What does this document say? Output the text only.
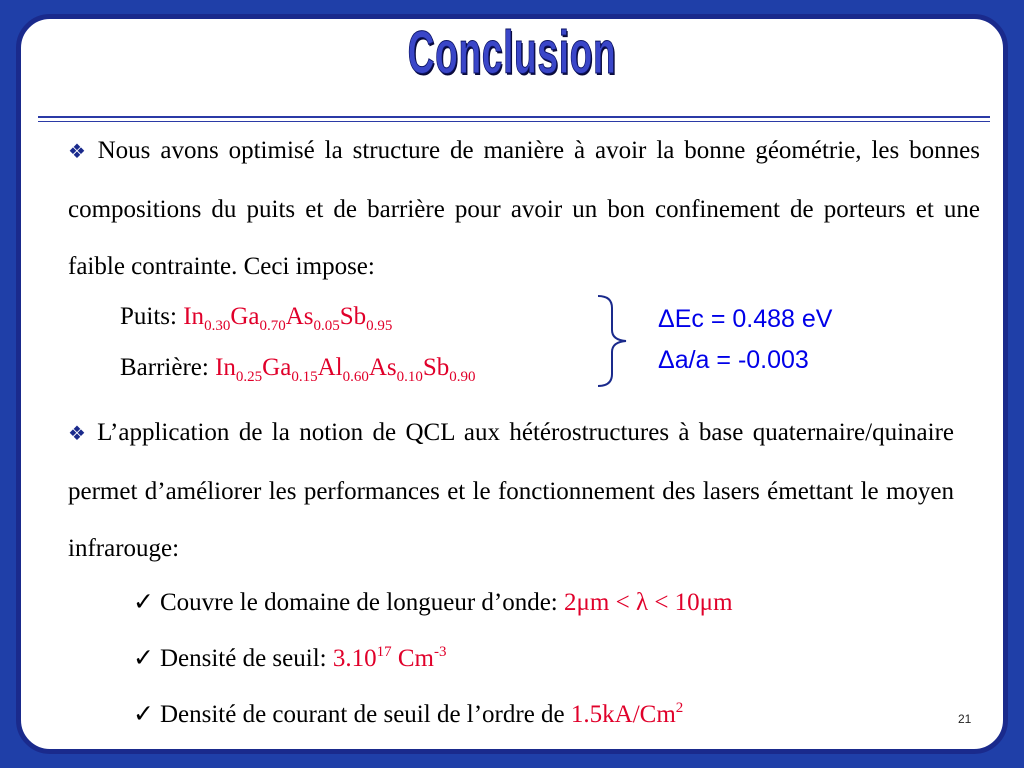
Conclusion
❖ Nous avons optimisé la structure de manière à avoir la bonne géométrie, les bonnes compositions du puits et de barrière pour avoir un bon confinement de porteurs et une faible contrainte. Ceci impose:
Puits: $In_{0.30}Ga_{0.70}As_{0.05}Sb_{0.95}$
Barrière: $In_{0.25}Ga_{0.15}Al_{0.60}As_{0.10}Sb_{0.90}$
ΔEc = 0.488 eV
Δa/a = -0.003
❖ L’application de la notion de QCL aux hétérostructures à base quaternaire/quinaire permet d’améliorer les performances et le fonctionnement des lasers émettant le moyen infrarouge:
✓ Couvre le domaine de longueur d’onde: 2μm < λ < 10μm
✓ Densité de seuil: 3.10$^{17}$ $Cm^{-3}$
✓ Densité de courant de seuil de l’ordre de 1.5kA/Cm$^2$
21
